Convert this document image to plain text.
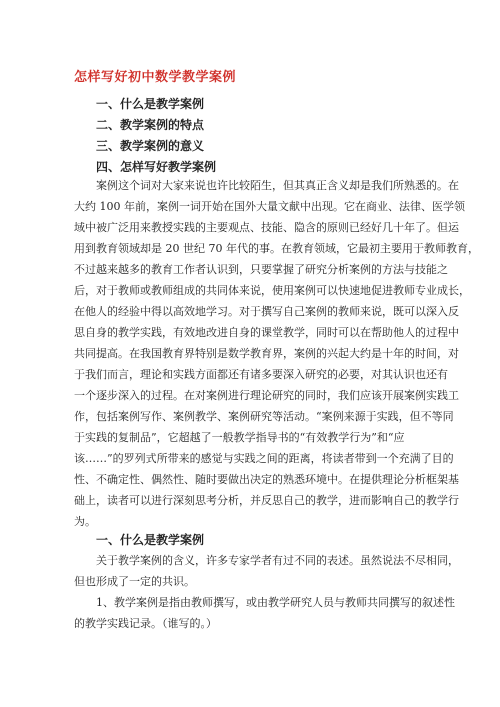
怎样写好初中数学教学案例
一、什么是教学案例
二、教学案例的特点
三、教学案例的意义
四、怎样写好教学案例
案例这个词对大家来说也许比较陌生，但其真正含义却是我们所熟悉的。在
大约 100 年前，案例一词开始在国外大量文献中出现。它在商业、法律、医学领
域中被广泛用来教授实践的主要观点、技能、隐含的原则已经好几十年了。但运
用到教育领域却是 20 世纪 70 年代的事。在教育领域，它最初主要用于教师教育，
不过越来越多的教育工作者认识到，只要掌握了研究分析案例的方法与技能之
后，对于教师或教师组成的共同体来说，使用案例可以快速地促进教师专业成长，
在他人的经验中得以高效地学习。对于撰写自己案例的教师来说，既可以深入反
思自身的教学实践，有效地改进自身的课堂教学，同时可以在帮助他人的过程中
共同提高。在我国教育界特别是数学教育界，案例的兴起大约是十年的时间，对
于我们而言，理论和实践方面都还有诸多要深入研究的必要，对其认识也还有
一个逐步深入的过程。在对案例进行理论研究的同时，我们应该开展案例实践工
作，包括案例写作、案例教学、案例研究等活动。“案例来源于实践，但不等同
于实践的复制品”，它超越了一般教学指导书的“有效教学行为”和“应
该……”的罗列式所带来的感觉与实践之间的距离，将读者带到一个充满了目的
性、不确定性、偶然性、随时要做出决定的熟悉环境中。在提供理论分析框架基
础上，读者可以进行深刻思考分析，并反思自己的教学，进而影响自己的教学行
为。
一、什么是教学案例
关于教学案例的含义，许多专家学者有过不同的表述。虽然说法不尽相同，
但也形成了一定的共识。
1、教学案例是指由教师撰写，或由教学研究人员与教师共同撰写的叙述性
的教学实践记录。（谁写的。）
